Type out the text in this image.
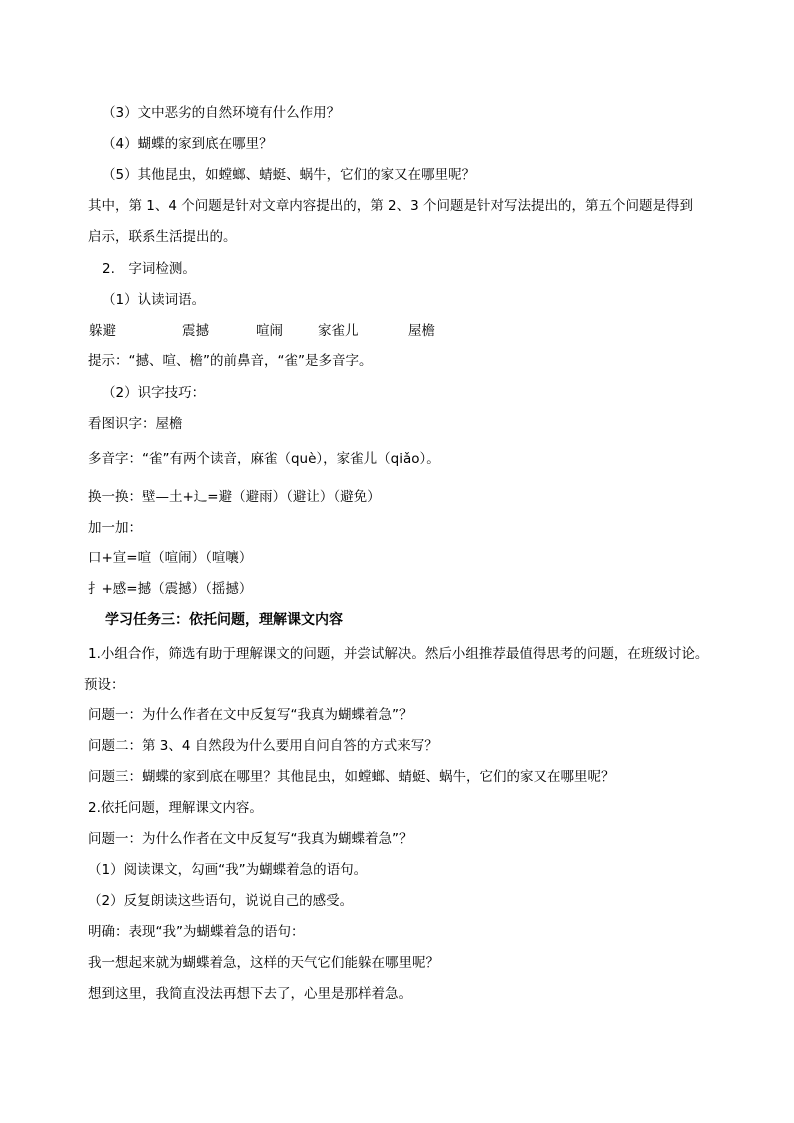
（3）文中恶劣的自然环境有什么作用？
（4）蝴蝶的家到底在哪里？
（5）其他昆虫，如螳螂、蜻蜓、蜗牛，它们的家又在哪里呢？
其中，第 1、4 个问题是针对文章内容提出的，第 2、3 个问题是针对写法提出的，第五个问题是得到
启示，联系生活提出的。
2.　字词检测。
（1）认读词语。
躲避	震撼	喧闹	家雀儿	屋檐
提示：“撼、喧、檐”的前鼻音，“雀”是多音字。
（2）识字技巧：
看图识字：屋檐
多音字：“雀”有两个读音，麻雀（què），家雀儿（qiǎo）。
换一换：壁—土+辶=避（避雨）（避让）（避免）
加一加：
口+宣=喧（喧闹）（喧嚷）
扌+感=撼（震撼）（摇撼）
学习任务三：依托问题，理解课文内容
1.小组合作，筛选有助于理解课文的问题，并尝试解决。然后小组推荐最值得思考的问题，在班级讨论。
预设：
问题一：为什么作者在文中反复写“我真为蝴蝶着急”？
问题二：第 3、4 自然段为什么要用自问自答的方式来写？
问题三：蝴蝶的家到底在哪里？其他昆虫，如螳螂、蜻蜓、蜗牛，它们的家又在哪里呢？
2.依托问题，理解课文内容。
问题一：为什么作者在文中反复写“我真为蝴蝶着急”？
（1）阅读课文，勾画“我”为蝴蝶着急的语句。
（2）反复朗读这些语句，说说自己的感受。
明确：表现“我”为蝴蝶着急的语句：
我一想起来就为蝴蝶着急，这样的天气它们能躲在哪里呢？
想到这里，我简直没法再想下去了，心里是那样着急。
